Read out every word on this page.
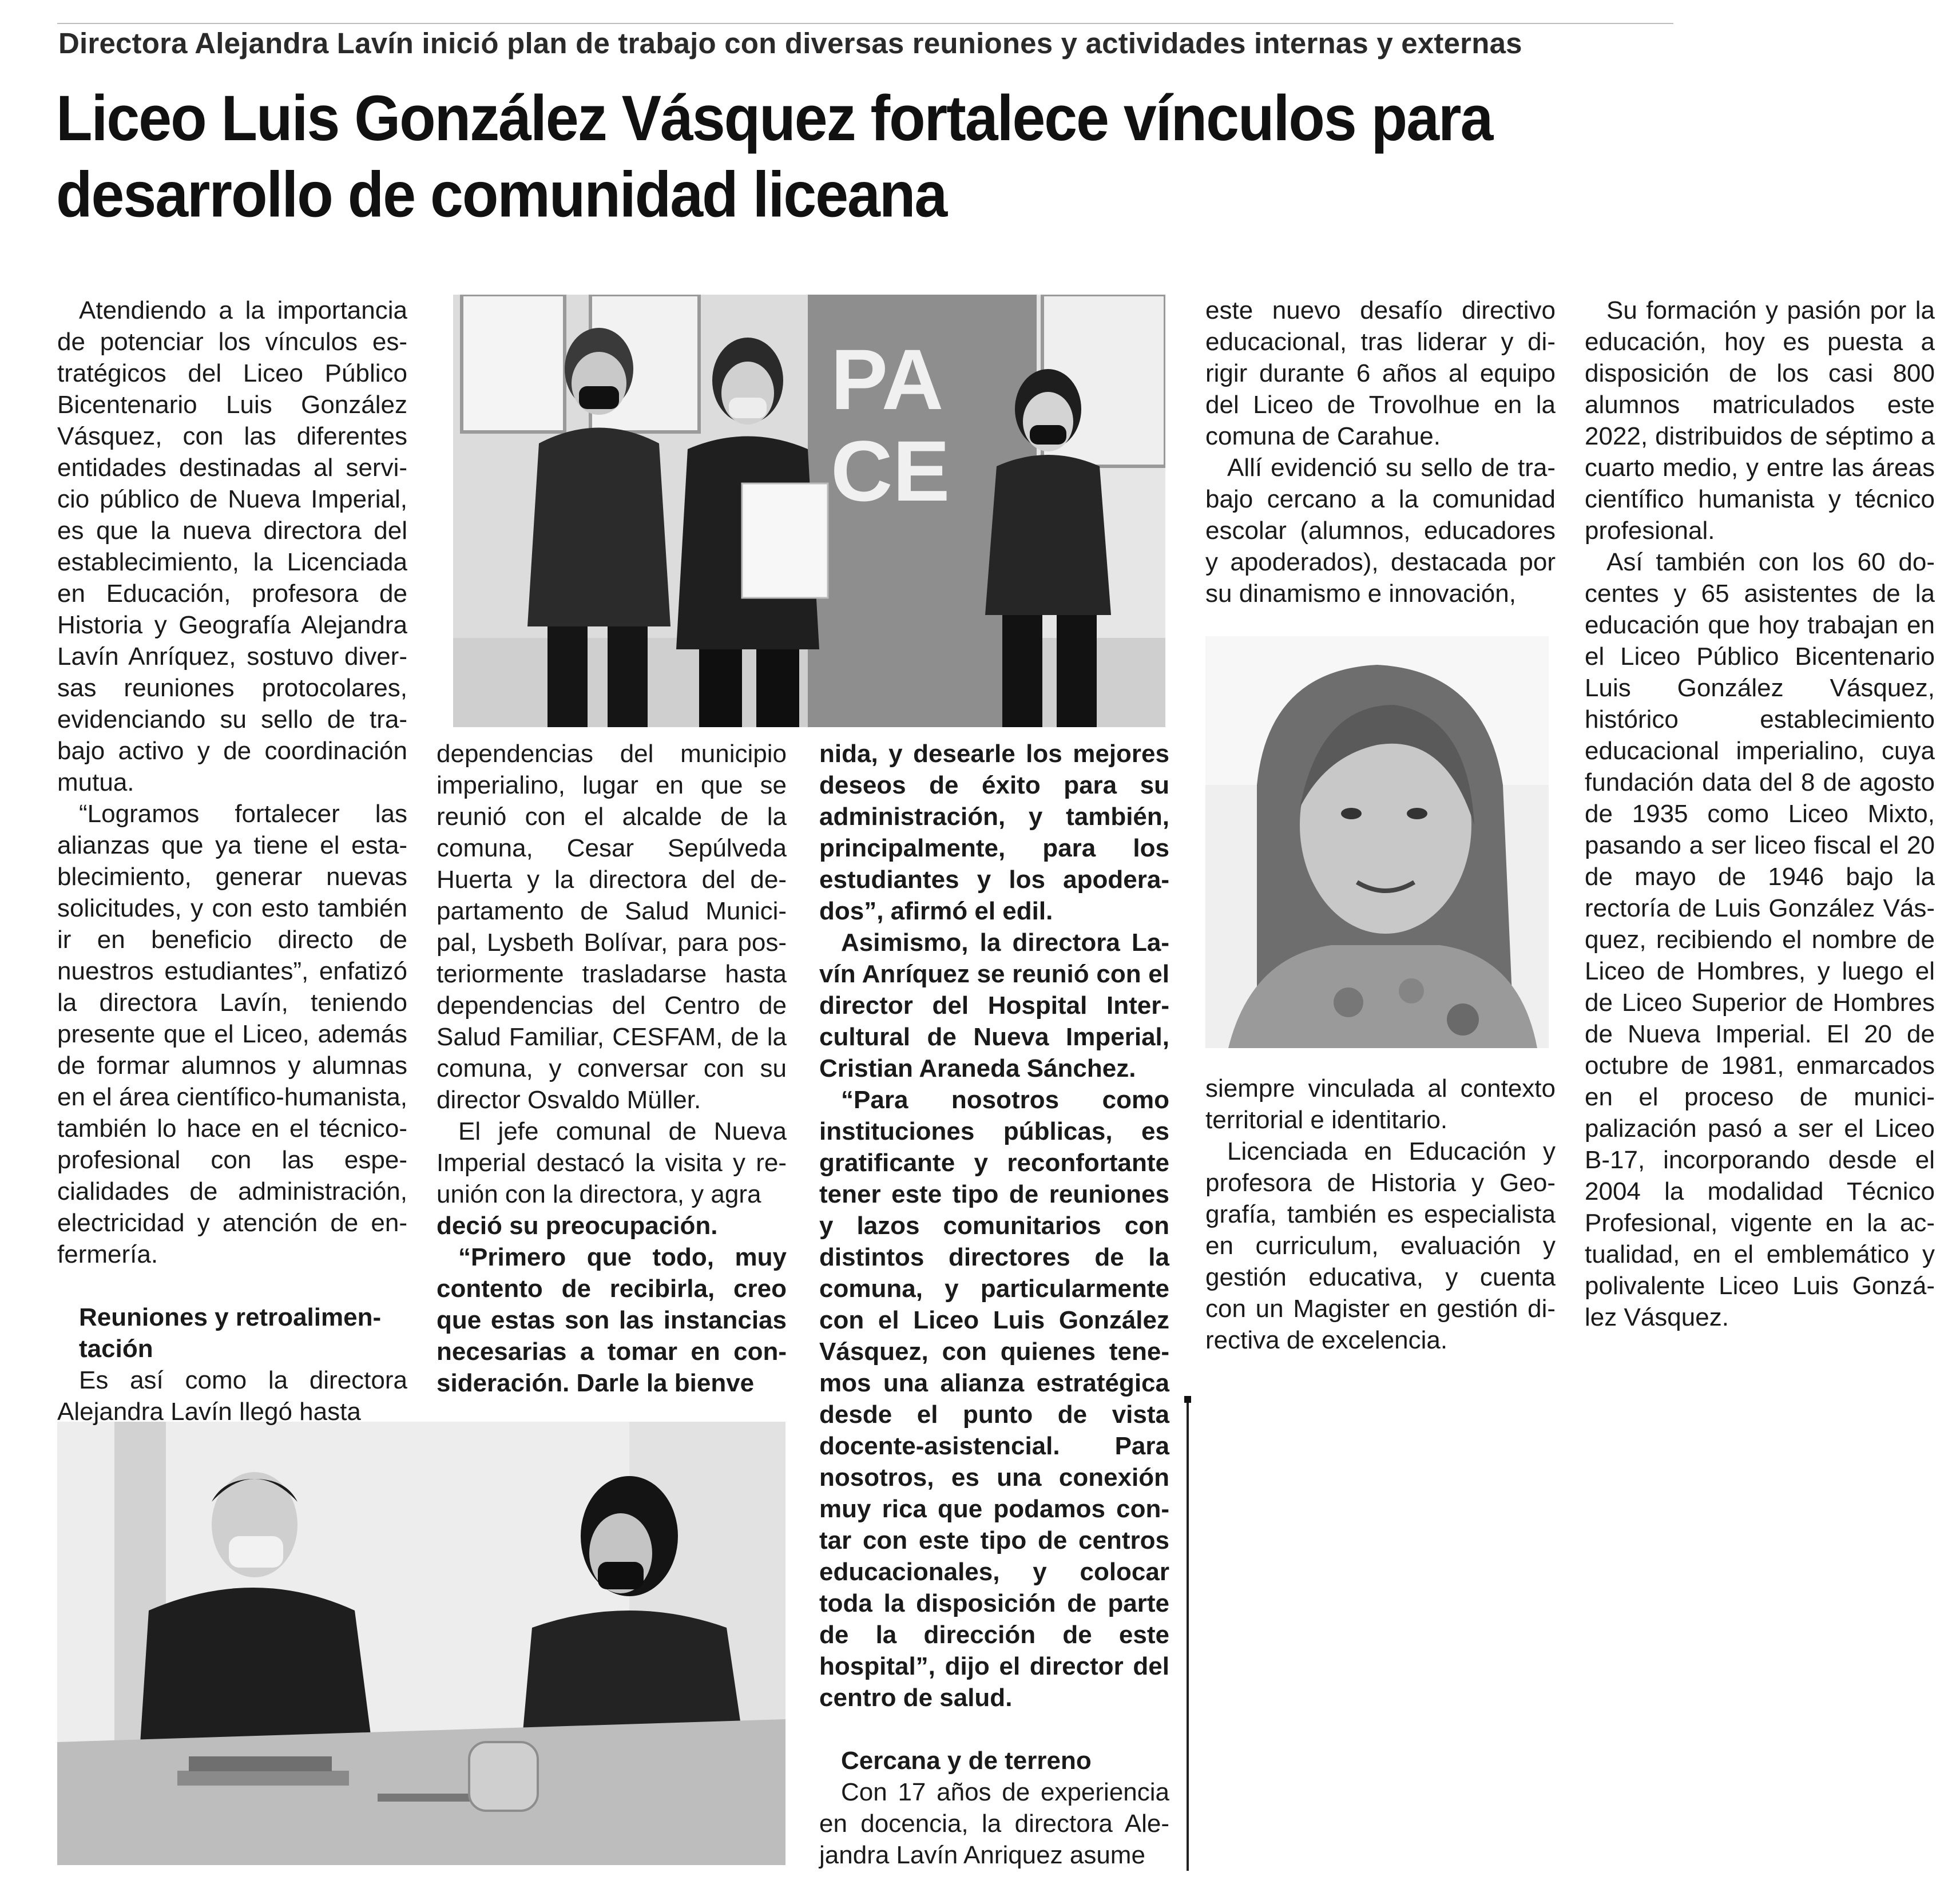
Directora Alejandra Lavín inició plan de trabajo con diversas reuniones y actividades internas y externas
Liceo Luis González Vásquez fortalece vínculos para desarrollo de comunidad liceana
PA
CE

Atendiendo a la importancia de potenciar los vínculos estratégicos del Liceo Público Bicentenario Luis González Vásquez, con las diferentes entidades destinadas al servicio público de Nueva Imperial, es que la nueva directora del establecimiento, la Licenciada en Educación, profesora de Historia y Geografía Alejandra Lavín Anríquez, sostuvo diversas reuniones protocolares, evidenciando su sello de trabajo activo y de coordinación mutua.

“Logramos fortalecer las alianzas que ya tiene el establecimiento, generar nuevas solicitudes, y con esto también ir en beneficio directo de nuestros estudiantes”, enfatizó la directora Lavín, teniendo presente que el Liceo, además de formar alumnos y alumnas en el área científico-humanista, también lo hace en el técnico-profesional con las especialidades de administración, electricidad y atención de enfermería.

Reuniones y retroalimentación

Es así como la directora Alejandra Lavín llegó hasta

dependencias del municipio imperialino, lugar en que se reunió con el alcalde de la comuna, Cesar Sepúlveda Huerta y la directora del departamento de Salud Municipal, Lysbeth Bolívar, para posteriormente trasladarse hasta dependencias del Centro de Salud Familiar, CESFAM, de la comuna, y conversar con su director Osvaldo Müller.

El jefe comunal de Nueva Imperial destacó la visita y reunión con la directora, y agra

deció su preocupación.

“Primero que todo, muy contento de recibirla, creo que estas son las instancias necesarias a tomar en consideración. Darle la bienve

nida, y desearle los mejores deseos de éxito para su administración, y también, principalmente, para los estudiantes y los apoderados”, afirmó el edil.

Asimismo, la directora Lavín Anríquez se reunió con el director del Hospital Intercultural de Nueva Imperial, Cristian Araneda Sánchez.

“Para nosotros como instituciones públicas, es gratificante y reconfortante tener este tipo de reuniones y lazos comunitarios con distintos directores de la comuna, y particularmente con el Liceo Luis González Vásquez, con quienes tenemos una alianza estratégica desde el punto de vista docente-asistencial. Para nosotros, es una conexión muy rica que podamos contar con este tipo de centros educacionales, y colocar toda la disposición de parte de la dirección de este hospital”, dijo el director del centro de salud.

Cercana y de terreno

Con 17 años de experiencia en docencia, la directora Alejandra Lavín Anriquez asume

este nuevo desafío directivo educacional, tras liderar y dirigir durante 6 años al equipo del Liceo de Trovolhue en la comuna de Carahue.

Allí evidenció su sello de trabajo cercano a la comunidad escolar (alumnos, educadores y apoderados), destacada por su dinamismo e innovación,

siempre vinculada al contexto territorial e identitario.

Licenciada en Educación y profesora de Historia y Geografía, también es especialista en curriculum, evaluación y gestión educativa, y cuenta con un Magister en gestión directiva de excelencia.

Su formación y pasión por la educación, hoy es puesta a disposición de los casi 800 alumnos matriculados este 2022, distribuidos de séptimo a cuarto medio, y entre las áreas científico humanista y técnico profesional.

Así también con los 60 docentes y 65 asistentes de la educación que hoy trabajan en el Liceo Público Bicentenario Luis González Vásquez, histórico establecimiento educacional imperialino, cuya fundación data del 8 de agosto de 1935 como Liceo Mixto, pasando a ser liceo fiscal el 20 de mayo de 1946 bajo la rectoría de Luis González Vásquez, recibiendo el nombre de Liceo de Hombres, y luego el de Liceo Superior de Hombres de Nueva Imperial. El 20 de octubre de 1981, enmarcados en el proceso de municipalización pasó a ser el Liceo B-17, incorporando desde el 2004 la modalidad Técnico Profesional, vigente en la actualidad, en el emblemático y polivalente Liceo Luis González Vásquez.
